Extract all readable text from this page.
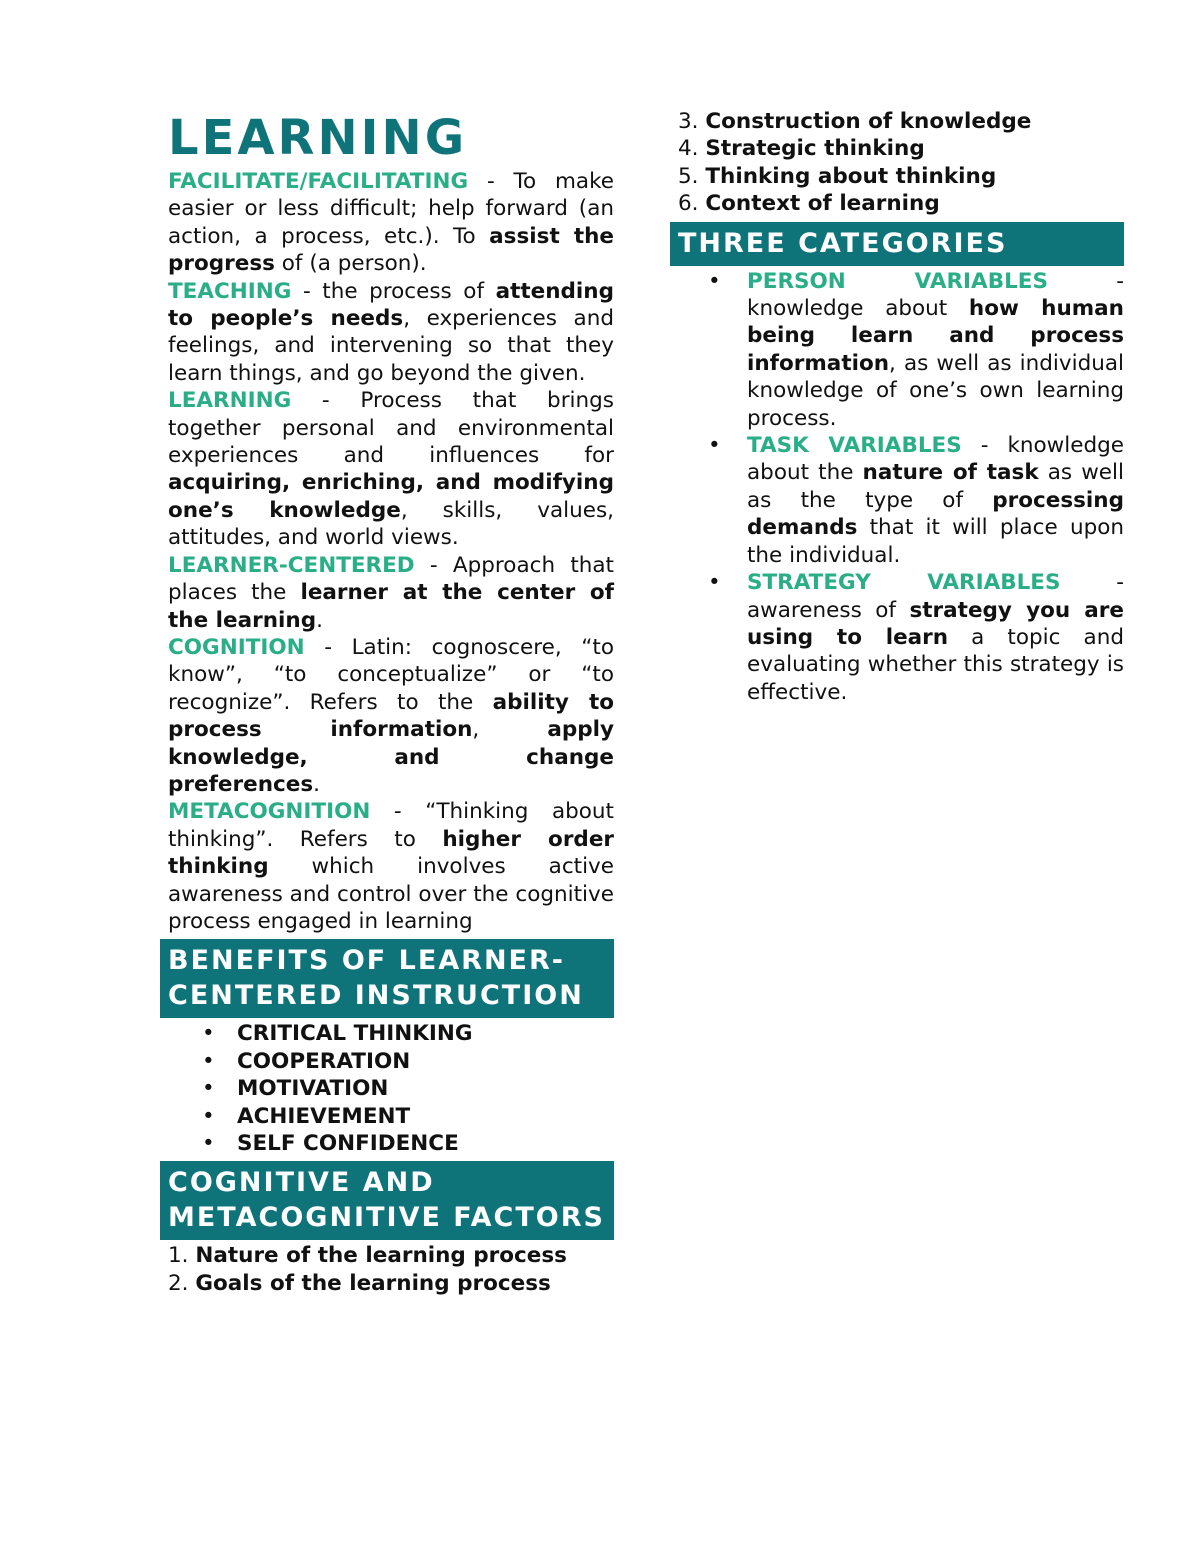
LEARNING

FACILITATE/FACILITATING - To make easier or less difficult; help forward (an action, a process, etc.). To assist the progress of (a person).

TEACHING - the process of attending to people’s needs, experiences and feelings, and intervening so that they learn things, and go beyond the given.

LEARNING - Process that brings together personal and environmental experiences and influences for acquiring, enriching, and modifying one’s knowledge, skills, values, attitudes, and world views.

LEARNER-CENTERED - Approach that places the learner at the center of the learning.

COGNITION - Latin: cognoscere, “to know”, “to conceptualize” or “to recognize”. Refers to the ability to process information, apply knowledge, and change preferences.

METACOGNITION - “Thinking about thinking”. Refers to higher order thinking which involves active awareness and control over the cognitive process engaged in learning

BENEFITS OF LEARNER-CENTERED INSTRUCTION
• CRITICAL THINKING
• COOPERATION
• MOTIVATION
• ACHIEVEMENT
• SELF CONFIDENCE
COGNITIVE AND METACOGNITIVE FACTORS
1. Nature of the learning process
2. Goals of the learning process
3. Construction of knowledge
4. Strategic thinking
5. Thinking about thinking
6. Context of learning
THREE CATEGORIES
• PERSON VARIABLES - knowledge about how human being learn and process information, as well as individual knowledge of one’s own learning process.
• TASK VARIABLES - knowledge about the nature of task as well as the type of processing demands that it will place upon the individual.
• STRATEGY VARIABLES - awareness of strategy you are using to learn a topic and evaluating whether this strategy is effective.
